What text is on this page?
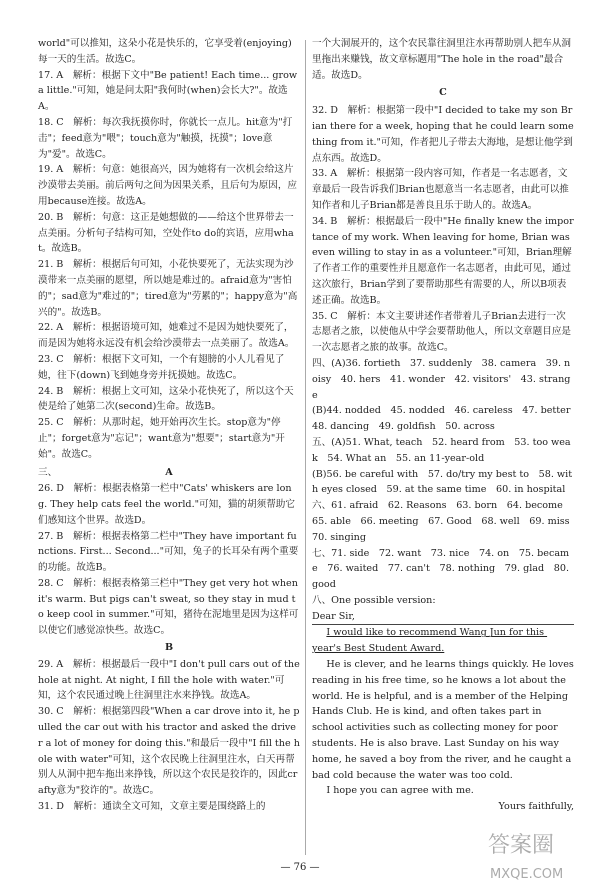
world"可以推知，这朵小花是快乐的，它享受着(enjoying)每一天的生活。故选C。

17. A　解析：根据下文中"Be patient! Each time... grow a little."可知，她是问太阳"我何时(when)会长大?"。故选A。

18. C　解析：每次我抚摸你时，你就长一点儿。hit意为"打击"；feed意为"喂"；touch意为"触摸，抚摸"；love意为"爱"。故选C。

19. A　解析：句意：她很高兴，因为她将有一次机会给这片沙漠带去美丽。前后两句之间为因果关系，且后句为原因，应用because连接。故选A。

20. B　解析：句意：这正是她想做的——给这个世界带去一点美丽。分析句子结构可知，空处作to do的宾语，应用what。故选B。

21. B　解析：根据后句可知，小花快要死了，无法实现为沙漠带来一点美丽的愿望，所以她是难过的。afraid意为"害怕的"；sad意为"难过的"；tired意为"劳累的"；happy意为"高兴的"。故选B。

22. A　解析：根据语境可知，她难过不是因为她快要死了，而是因为她将永远没有机会给沙漠带去一点美丽了。故选A。

23. C　解析：根据下文可知，一个有翅膀的小人儿看见了她，往下(down)飞到她身旁并抚摸她。故选C。

24. B　解析：根据上文可知，这朵小花快死了，所以这个天使是给了她第二次(second)生命。故选B。

25. C　解析：从那时起，她开始再次生长。stop意为"停止"；forget意为"忘记"；want意为"想要"；start意为"开始"。故选C。

三、	A

26. D　解析：根据表格第一栏中"Cats' whiskers are long. They help cats feel the world."可知，猫的胡须帮助它们感知这个世界。故选D。

27. B　解析：根据表格第二栏中"They have important functions. First... Second..."可知，兔子的长耳朵有两个重要的功能。故选B。

28. C　解析：根据表格第三栏中"They get very hot when it's warm. But pigs can't sweat, so they stay in mud to keep cool in summer."可知，猪待在泥地里是因为这样可以使它们感觉凉快些。故选C。

B

29. A　解析：根据最后一段中"I don't pull cars out of the hole at night. At night, I fill the hole with water."可知，这个农民通过晚上往洞里注水来挣钱。故选A。

30. C　解析：根据第四段"When a car drove into it, he pulled the car out with his tractor and asked the driver a lot of money for doing this."和最后一段中"I fill the hole with water"可知，这个农民晚上往洞里注水，白天再帮别人从洞中把车拖出来挣钱，所以这个农民是狡诈的，因此crafty意为"狡诈的"。故选C。

31. D　解析：通读全文可知，文章主要是围绕路上的

一个大洞展开的，这个农民靠往洞里注水再帮助别人把车从洞里拖出来赚钱，故文章标题用"The hole in the road"最合适。故选D。

C

32. D　解析：根据第一段中"I decided to take my son Brian there for a week, hoping that he could learn something from it."可知，作者把儿子带去大海地，是想让他学到点东西。故选D。

33. A　解析：根据第一段内容可知，作者是一名志愿者，文章最后一段告诉我们Brian也愿意当一名志愿者，由此可以推知作者和儿子Brian都是善良且乐于助人的。故选A。

34. B　解析：根据最后一段中"He finally knew the importance of my work. When leaving for home, Brian was even willing to stay in as a volunteer."可知，Brian理解了作者工作的重要性并且愿意作一名志愿者，由此可见，通过这次旅行，Brian学到了要帮助那些有需要的人，所以B项表述正确。故选B。

35. C　解析：本文主要讲述作者带着儿子Brian去进行一次志愿者之旅，以使他从中学会要帮助他人，所以文章题目应是一次志愿者之旅的故事。故选C。

四、(A)36. fortieth　37. suddenly　38. camera　39. noisy　40. hers　41. wonder　42. visitors'　43. strange
(B)44. nodded　45. nodded　46. careless　47. better　48. dancing　49. goldfish　50. across

五、(A)51. What, teach　52. heard from　53. too weak　54. What an　55. an 11-year-old
(B)56. be careful with　57. do/try my best to　58. with eyes closed　59. at the same time　60. in hospital

六、61. afraid　62. Reasons　63. born　64. become　65. able　66. meeting　67. Good　68. well　69. miss　70. singing

七、71. side　72. want　73. nice　74. on　75. became　76. waited　77. can't　78. nothing　79. glad　80. good

八、One possible version:

Dear Sir,

I would like to recommend Wang Jun for this year's Best Student Award.

He is clever, and he learns things quickly. He loves reading in his free time, so he knows a lot about the world. He is helpful, and is a member of the Helping Hands Club. He is kind, and often takes part in school activities such as collecting money for poor students. He is also brave. Last Sunday on his way home, he saved a boy from the river, and he caught a bad cold because the water was too cold.

I hope you can agree with me.

Yours faithfully,

— 76 —
答案圈
MXQE.COM
